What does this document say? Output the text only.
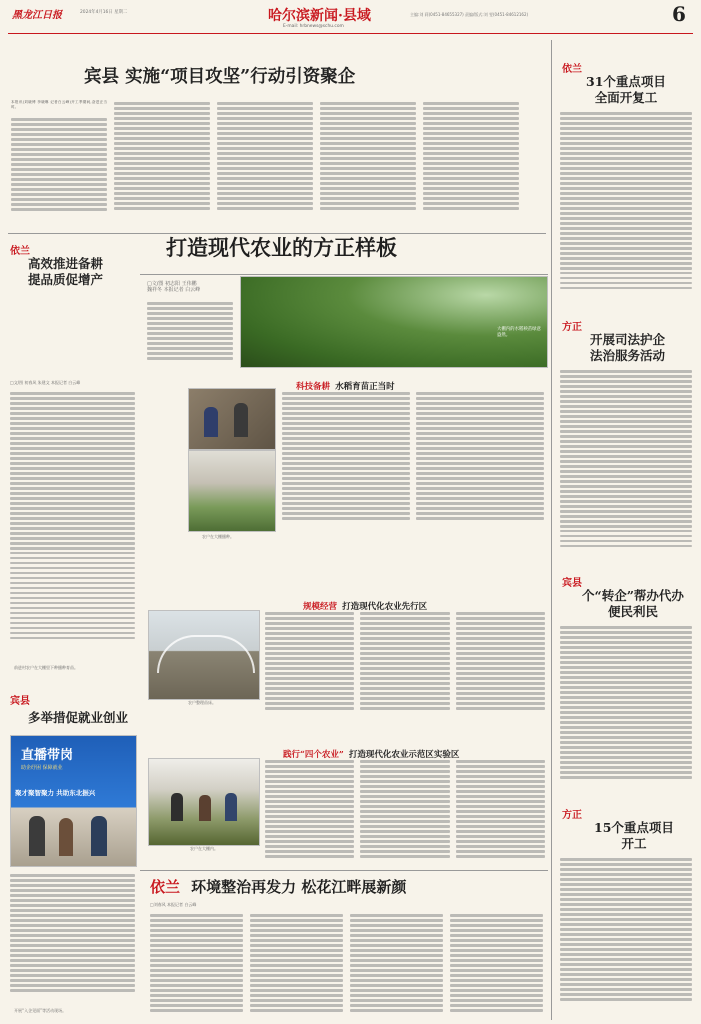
黑龙江日报	2024年4月16日 星期二	哈尔滨新闻·县域
E-mail: hrbnews@schu.com
主编:刘 莉(0451-84655327) 责编/版式:刘 雯(0451-84612162)	6
宾县 实施“项目攻坚”行动引资聚企
本报讯(刘晓博 李晓琳 记者白云峰)开工季期间,奋进正当时。
依兰
高效推进备耕
提品质促增产
□文/图 初春风 朱建文 本报记者 白云峰
前进村农户在大棚里下种播种育苗。
宾县
多举措促就业创业
直播带岗
助企纾困 保障就业
聚才聚智聚力 共助东北振兴
开展“入企见面”等活动现场。
打造现代农业的方正样板
□文/图 初志阳 王伟鹏
魏祥冬 本报记者 白云峰
大棚内的水稻秧苗绿意盎然。
科技备耕 水稻育苗正当时
农户在大棚播种。
规模经营 打造现代化农业先行区
农户整理苗床。
践行“四个农业” 打造现代化农业示范区实验区
农户在大棚内。
依兰 环境整治再发力 松花江畔展新颜
□刘春风 本报记者 白云峰
依兰
31个重点项目
全面开复工
方正
开展司法护企
法治服务活动
宾县
个“转企”帮办代办
便民利民
方正
15个重点项目
开工
